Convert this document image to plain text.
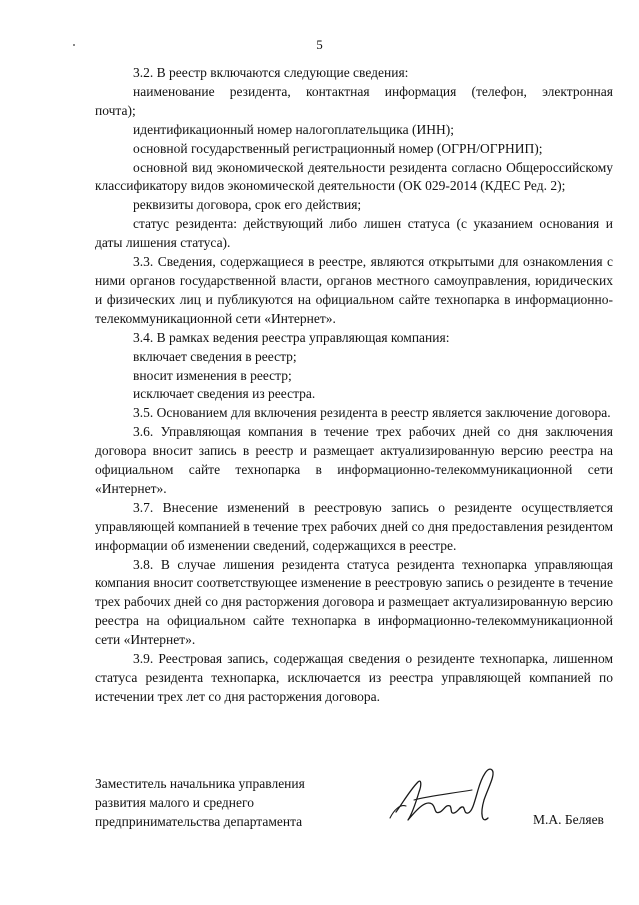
5

3.2. В реестр включаются следующие сведения:

наименование резидента, контактная информация (телефон, электронная

почта);

идентификационный номер налогоплательщика (ИНН);

основной государственный регистрационный номер (ОГРН/ОГРНИП);

основной вид экономической деятельности резидента согласно Общероссийскому классификатору видов экономической деятельности (ОК 029-2014 (КДЕС Ред. 2);

реквизиты договора, срок его действия;

статус резидента: действующий либо лишен статуса (с указанием основания и даты лишения статуса).

3.3. Сведения, содержащиеся в реестре, являются открытыми для ознакомления с ними органов государственной власти, органов местного самоуправления, юридических и физических лиц и публикуются на официальном сайте технопарка в информационно-телекоммуникационной сети «Интернет».

3.4. В рамках ведения реестра управляющая компания:

включает сведения в реестр;

вносит изменения в реестр;

исключает сведения из реестра.

3.5. Основанием для включения резидента в реестр является заключение договора.

3.6. Управляющая компания в течение трех рабочих дней со дня заключения договора вносит запись в реестр и размещает актуализированную версию реестра на официальном сайте технопарка в информационно-телекоммуникационной сети «Интернет».

3.7. Внесение изменений в реестровую запись о резиденте осуществляется управляющей компанией в течение трех рабочих дней со дня предоставления резидентом информации об изменении сведений, содержащихся в реестре.

3.8. В случае лишения резидента статуса резидента технопарка управляющая компания вносит соответствующее изменение в реестровую запись о резиденте в течение трех рабочих дней со дня расторжения договора и размещает актуализированную версию реестра на официальном сайте технопарка в информационно-телекоммуникационной сети «Интернет».

3.9. Реестровая запись, содержащая сведения о резиденте технопарка, лишенном статуса резидента технопарка, исключается из реестра управляющей компанией по истечении трех лет со дня расторжения договора.

Заместитель начальника управления
развития малого и среднего
предпринимательства департамента	М.А. Беляев
